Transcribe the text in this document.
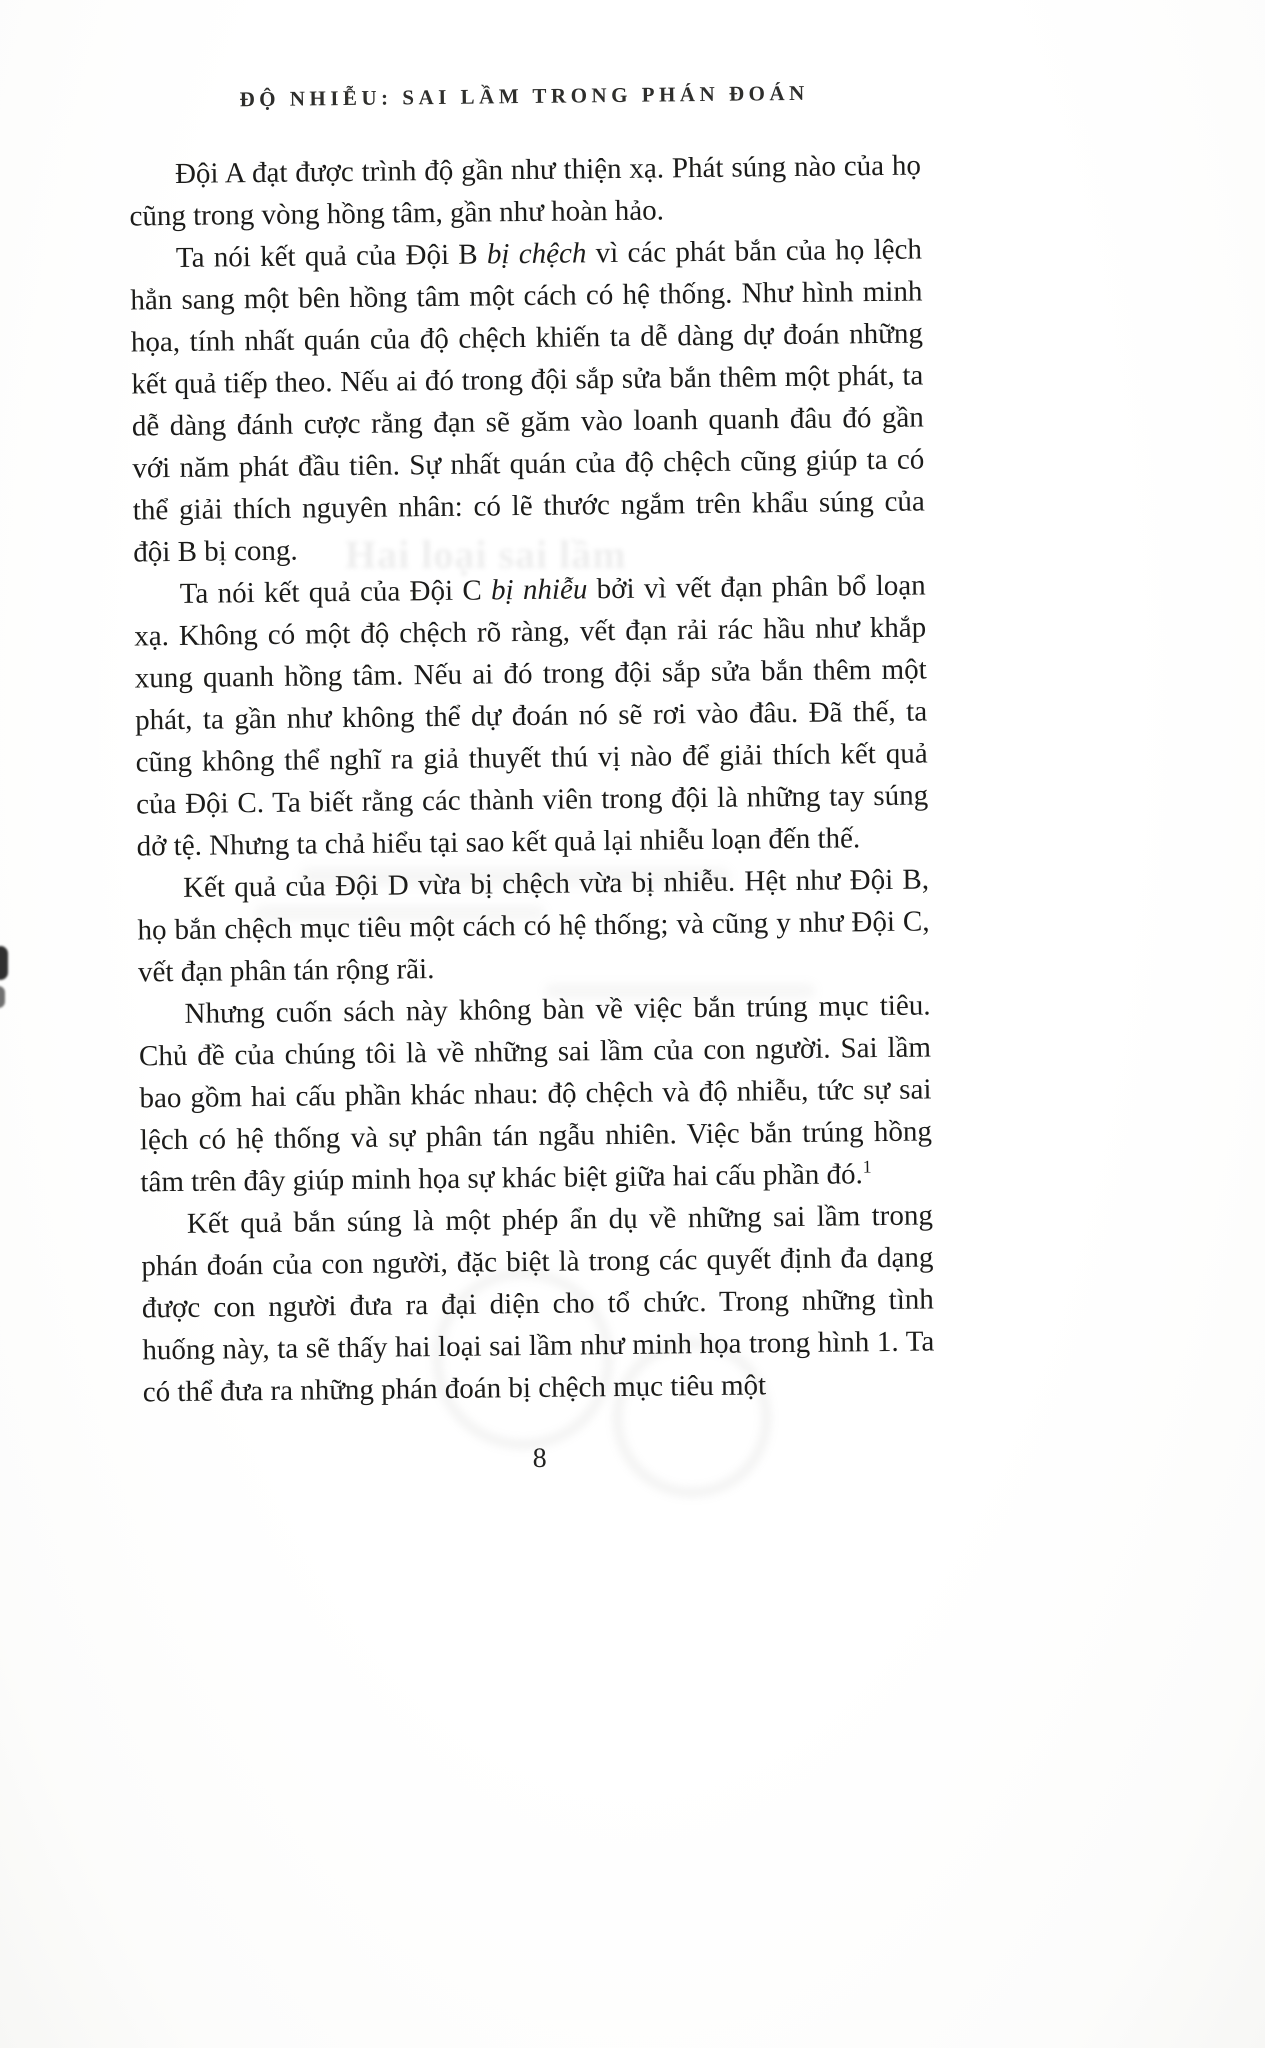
Hai loại sai lầm
ĐỘ NHIỄU: SAI LẦM TRONG PHÁN ĐOÁN

Đội A đạt được trình độ gần như thiện xạ. Phát súng nào của họ cũng trong vòng hồng tâm, gần như hoàn hảo.

Ta nói kết quả của Đội B bị chệch vì các phát bắn của họ lệch hẳn sang một bên hồng tâm một cách có hệ thống. Như hình minh họa, tính nhất quán của độ chệch khiến ta dễ dàng dự đoán những kết quả tiếp theo. Nếu ai đó trong đội sắp sửa bắn thêm một phát, ta dễ dàng đánh cược rằng đạn sẽ găm vào loanh quanh đâu đó gần với năm phát đầu tiên. Sự nhất quán của độ chệch cũng giúp ta có thể giải thích nguyên nhân: có lẽ thước ngắm trên khẩu súng của đội B bị cong.

Ta nói kết quả của Đội C bị nhiễu bởi vì vết đạn phân bổ loạn xạ. Không có một độ chệch rõ ràng, vết đạn rải rác hầu như khắp xung quanh hồng tâm. Nếu ai đó trong đội sắp sửa bắn thêm một phát, ta gần như không thể dự đoán nó sẽ rơi vào đâu. Đã thế, ta cũng không thể nghĩ ra giả thuyết thú vị nào để giải thích kết quả của Đội C. Ta biết rằng các thành viên trong đội là những tay súng dở tệ. Nhưng ta chả hiểu tại sao kết quả lại nhiễu loạn đến thế.

Kết quả của Đội D vừa bị chệch vừa bị nhiễu. Hệt như Đội B, họ bắn chệch mục tiêu một cách có hệ thống; và cũng y như Đội C, vết đạn phân tán rộng rãi.

Nhưng cuốn sách này không bàn về việc bắn trúng mục tiêu. Chủ đề của chúng tôi là về những sai lầm của con người. Sai lầm bao gồm hai cấu phần khác nhau: độ chệch và độ nhiễu, tức sự sai lệch có hệ thống và sự phân tán ngẫu nhiên. Việc bắn trúng hồng tâm trên đây giúp minh họa sự khác biệt giữa hai cấu phần đó.$^1$

Kết quả bắn súng là một phép ẩn dụ về những sai lầm trong phán đoán của con người, đặc biệt là trong các quyết định đa dạng được con người đưa ra đại diện cho tổ chức. Trong những tình huống này, ta sẽ thấy hai loại sai lầm như minh họa trong hình 1. Ta có thể đưa ra những phán đoán bị chệch mục tiêu một

8
